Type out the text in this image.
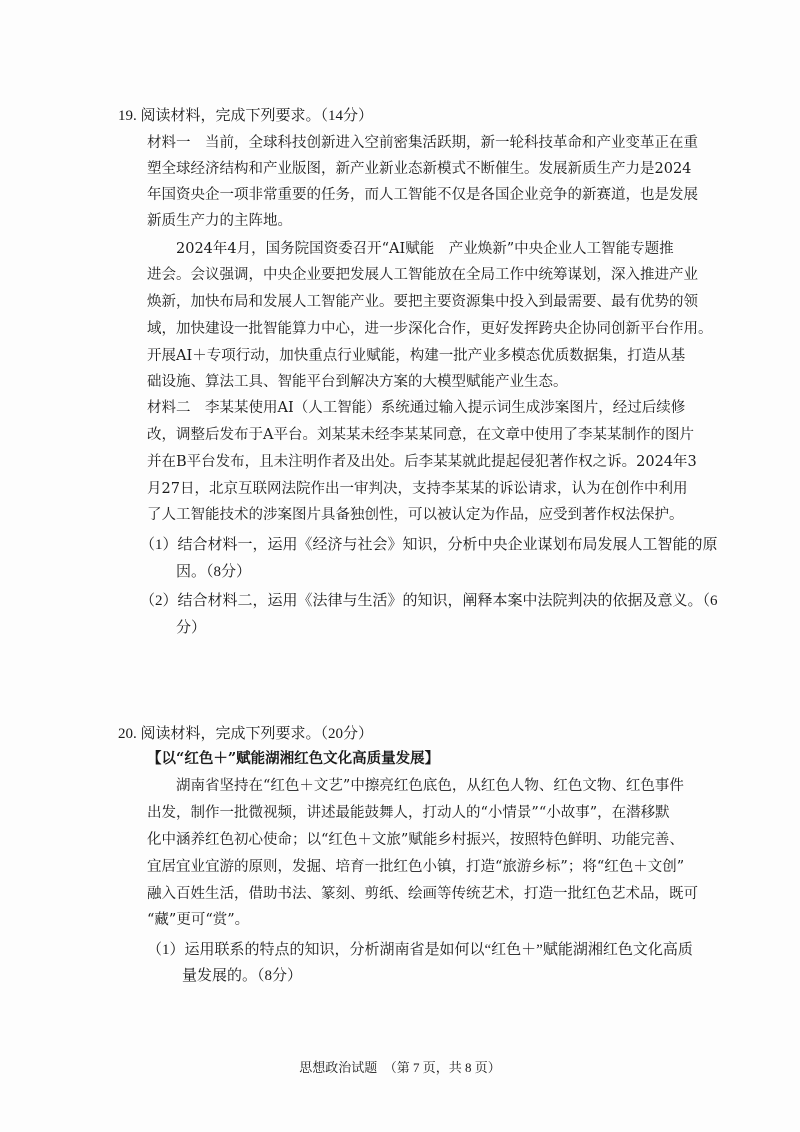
19. 阅读材料，完成下列要求。（14分）
材料一　当前，全球科技创新进入空前密集活跃期，新一轮科技革命和产业变革正在重
塑全球经济结构和产业版图，新产业新业态新模式不断催生。发展新质生产力是2024
年国资央企一项非常重要的任务，而人工智能不仅是各国企业竞争的新赛道，也是发展
新质生产力的主阵地。
2024年4月，国务院国资委召开“AI赋能　产业焕新”中央企业人工智能专题推
进会。会议强调，中央企业要把发展人工智能放在全局工作中统筹谋划，深入推进产业
焕新，加快布局和发展人工智能产业。要把主要资源集中投入到最需要、最有优势的领
域，加快建设一批智能算力中心，进一步深化合作，更好发挥跨央企协同创新平台作用。
开展AI＋专项行动，加快重点行业赋能，构建一批产业多模态优质数据集，打造从基
础设施、算法工具、智能平台到解决方案的大模型赋能产业生态。
材料二　李某某使用AI（人工智能）系统通过输入提示词生成涉案图片，经过后续修
改，调整后发布于A平台。刘某某未经李某某同意，在文章中使用了李某某制作的图片
并在B平台发布，且未注明作者及出处。后李某某就此提起侵犯著作权之诉。2024年3
月27日，北京互联网法院作出一审判决，支持李某某的诉讼请求，认为在创作中利用
了人工智能技术的涉案图片具备独创性，可以被认定为作品，应受到著作权法保护。
（1）结合材料一，运用《经济与社会》知识，分析中央企业谋划布局发展人工智能的原
因。（8分）
（2）结合材料二，运用《法律与生活》的知识，阐释本案中法院判决的依据及意义。（6
分）
20. 阅读材料，完成下列要求。（20分）
【以“红色＋”赋能湖湘红色文化高质量发展】
湖南省坚持在“红色＋文艺”中擦亮红色底色，从红色人物、红色文物、红色事件
出发，制作一批微视频，讲述最能鼓舞人，打动人的“小情景”“小故事”，在潜移默
化中涵养红色初心使命；以“红色＋文旅”赋能乡村振兴，按照特色鲜明、功能完善、
宜居宜业宜游的原则，发掘、培育一批红色小镇，打造“旅游乡标”；将“红色＋文创”
融入百姓生活，借助书法、篆刻、剪纸、绘画等传统艺术，打造一批红色艺术品，既可
“藏”更可“赏”。
（1）运用联系的特点的知识，分析湖南省是如何以“红色＋”赋能湖湘红色文化高质
量发展的。（8分）
思想政治试题　（第 7 页，共 8 页）
